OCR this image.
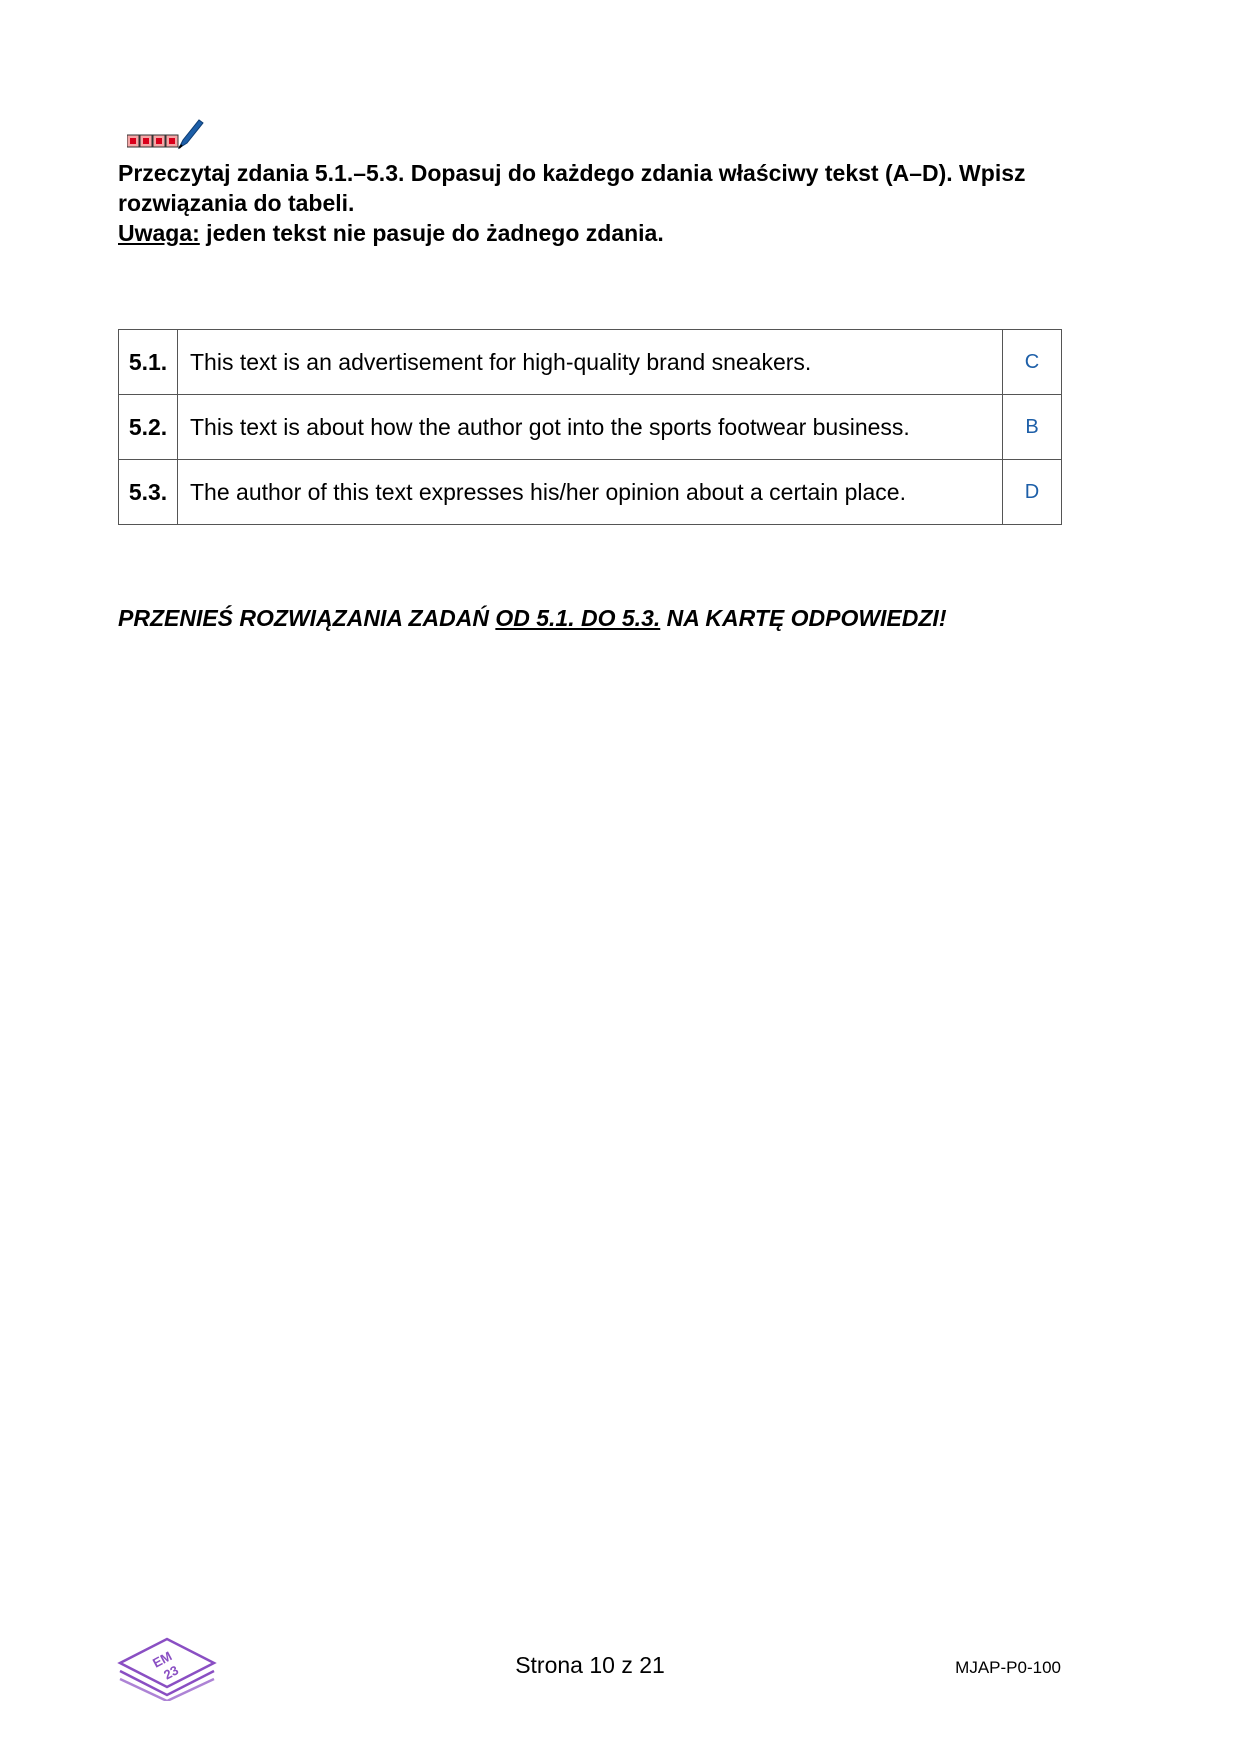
Przeczytaj zdania 5.1.–5.3. Dopasuj do każdego zdania właściwy tekst (A–D). Wpisz

rozwiązania do tabeli.

Uwaga: jeden tekst nie pasuje do żadnego zdania.

5.1.	This text is an advertisement for high-quality brand sneakers.	C
5.2.	This text is about how the author got into the sports footwear business.	B
5.3.	The author of this text expresses his/her opinion about a certain place.	D
PRZENIEŚ ROZWIĄZANIA ZADAŃ OD 5.1. DO 5.3. NA KARTĘ ODPOWIEDZI!
EM
23	Strona 10 z 21	MJAP-P0-100
